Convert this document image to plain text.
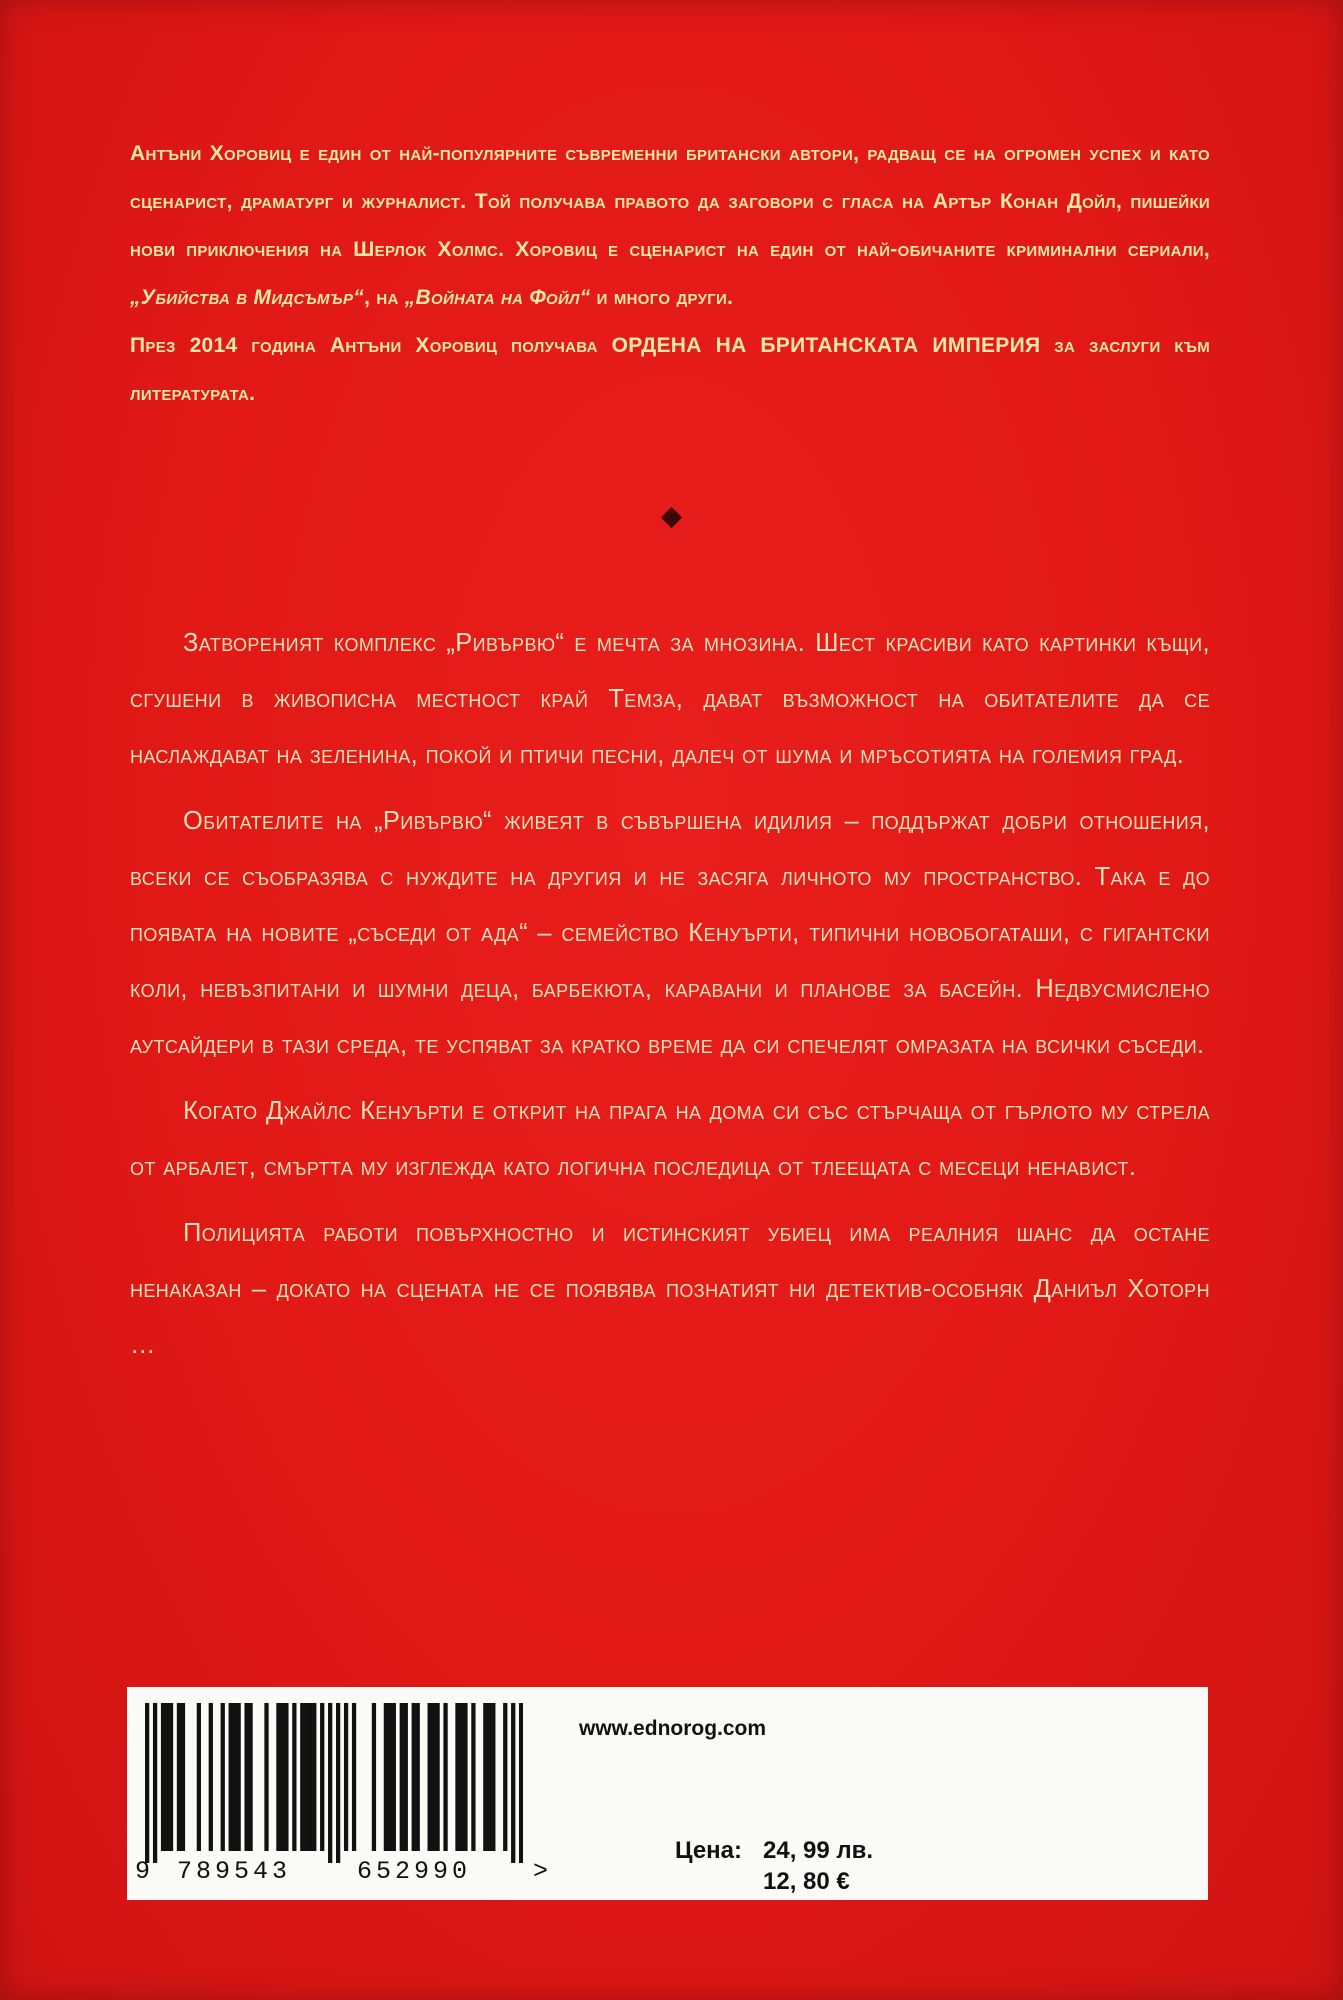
Антъни Хоровиц е един от най-популярните съвременни британски автори, радващ се на огромен успех и като сценарист, драматург и журналист. Той получава правото да заговори с гласа на Артър Конан Дойл, пишейки нови приключения на Шерлок Холмс. Хоровиц е сценарист на един от най-обичаните криминални сериали, „Убийства в Мидсъмър“, на „Войната на Фойл“ и много други.

През 2014 година Антъни Хоровиц получава ОРДЕНА НА БРИТАНСКАТА ИМПЕРИЯ за заслуги към литературата.

Затвореният комплекс „Ривървю“ е мечта за мнозина. Шест красиви като картинки къщи, сгушени в живописна местност край Темза, дават възможност на обитателите да се наслаждават на зеленина, покой и птичи песни, далеч от шума и мръсотията на големия град.

Обитателите на „Ривървю“ живеят в съвършена идилия – поддържат добри отношения, всеки се съобразява с нуждите на другия и не засяга личното му пространство. Така е до появата на новите „съседи от ада“ – семейство Кенуърти, типични новобогаташи, с гигантски коли, невъзпитани и шумни деца, барбекюта, каравани и планове за басейн. Недвусмислено аутсайдери в тази среда, те успяват за кратко време да си спечелят омразата на всички съседи.

Когато Джайлс Кенуърти е открит на прага на дома си със стърчаща от гърлото му стрела от арбалет, смъртта му изглежда като логична последица от тлеещата с месеци ненавист.

Полицията работи повърхностно и истинският убиец има реалния шанс да остане ненаказан – докато на сцената не се появява познатият ни детектив-особняк Даниъл Хоторн …

9 789543	652990 >
www.ednorog.com
Цена: 24, 99 лв.
12, 80 €
